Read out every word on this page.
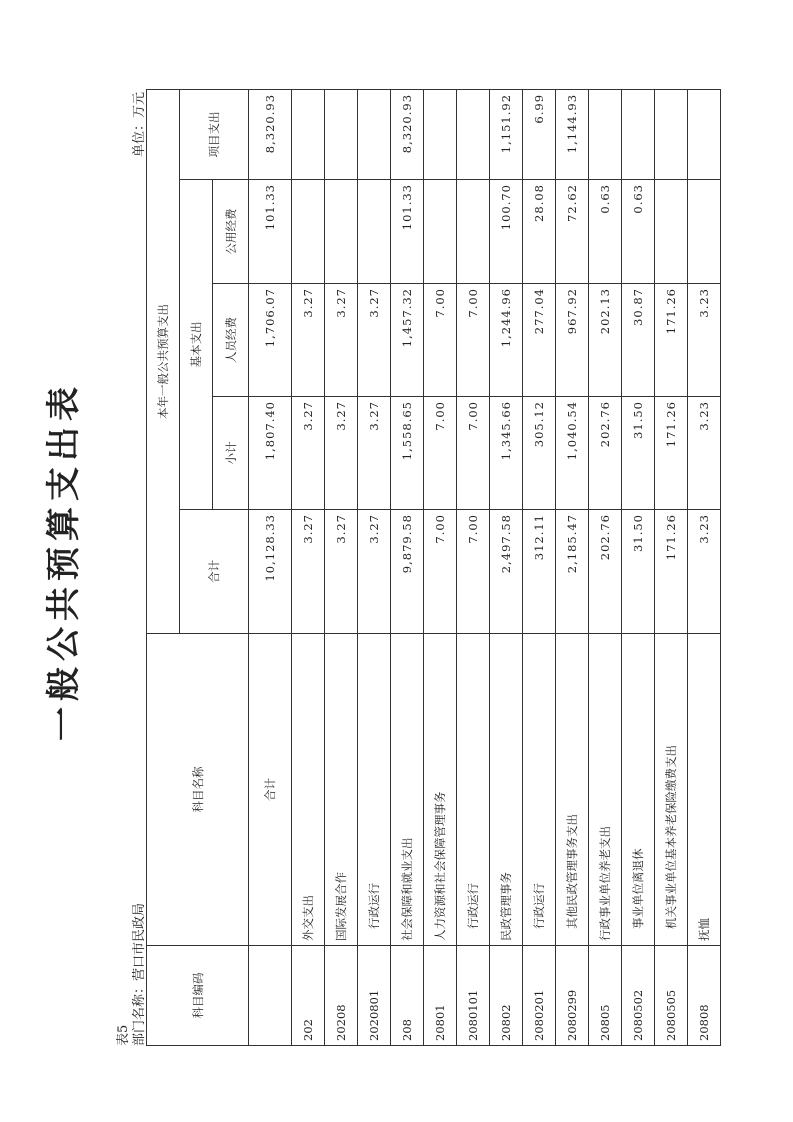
一般公共预算支出表
表5 部门名称：营口市民政局
单位：万元
科目编码	科目名称	本年一般公共预算支出				
		合计	基本支出			项目支出
			小计	人员经费	公用经费	
	合计	10,128.33	1,807.40	1,706.07	101.33	8,320.93
202	外交支出	3.27	3.27	3.27		
20208	国际发展合作	3.27	3.27	3.27		
2020801	行政运行	3.27	3.27	3.27		
208	社会保障和就业支出	9,879.58	1,558.65	1,457.32	101.33	8,320.93
20801	人力资源和社会保障管理事务	7.00	7.00	7.00		
2080101	行政运行	7.00	7.00	7.00		
20802	民政管理事务	2,497.58	1,345.66	1,244.96	100.70	1,151.92
2080201	行政运行	312.11	305.12	277.04	28.08	6.99
2080299	其他民政管理事务支出	2,185.47	1,040.54	967.92	72.62	1,144.93
20805	行政事业单位养老支出	202.76	202.76	202.13	0.63	
2080502	事业单位离退休	31.50	31.50	30.87	0.63	
2080505	机关事业单位基本养老保险缴费支出	171.26	171.26	171.26		
20808	抚恤	3.23	3.23	3.23		
